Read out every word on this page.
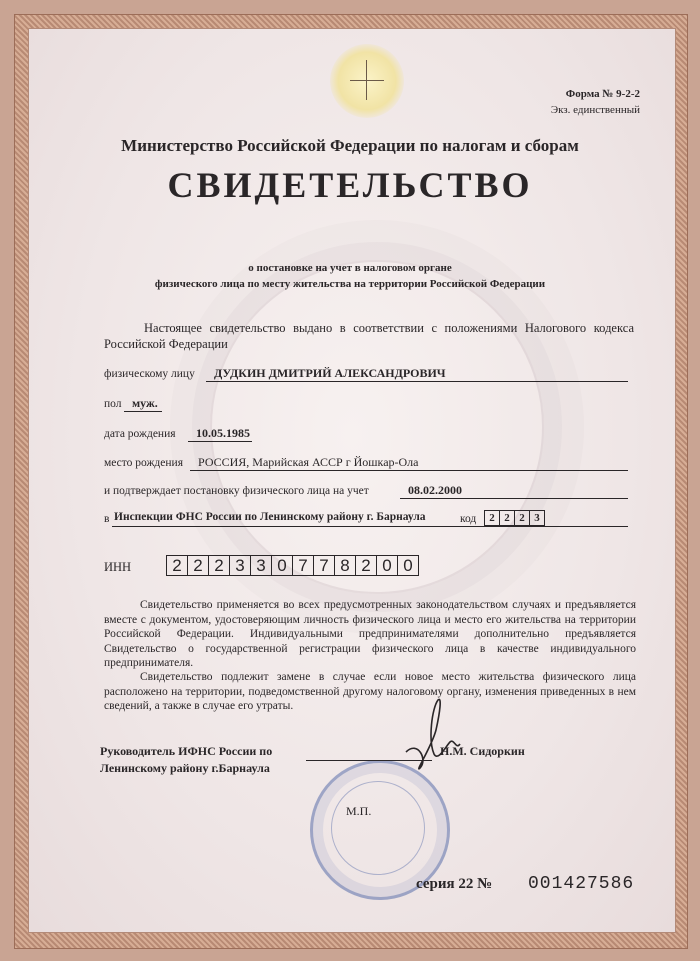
Форма № 9-2-2
Экз. единственный
Министерство Российской Федерации по налогам и сборам
СВИДЕТЕЛЬСТВО
о постановке на учет в налоговом органе
физического лица по месту жительства на территории Российской Федерации
Настоящее свидетельство выдано в соответствии с положениями Налогового кодекса Российской Федерации
физическому лицу ДУДКИН ДМИТРИЙ АЛЕКСАНДРОВИЧ
пол муж.
дата рождения 10.05.1985
место рождения РОССИЯ, Марийская АССР г Йошкар-Ола
и подтверждает постановку физического лица на учет	08.02.2000
в Инспекции ФНС России по Ленинскому району г. Барнаула	код	2 2 2 3
ИНН	2 2 2 3 3 0 7 7 8 2 0 0
Свидетельство применяется во всех предусмотренных законодательством случаях и предъявляется вместе с документом, удостоверяющим личность физического лица и место его жительства на территории Российской Федерации. Индивидуальными предпринимателями дополнительно предъявляется Свидетельство о государственной регистрации физического лица в качестве индивидуального предпринимателя.
Свидетельство подлежит замене в случае если новое место жительства физического лица расположено на территории, подведомственной другому налоговому органу, изменения приведенных в нем сведений, а также в случае его утраты.
Руководитель ИФНС России по
Ленинскому району г.Барнаула
Н.М. Сидоркин
М.П.
серия 22 № 001427586
